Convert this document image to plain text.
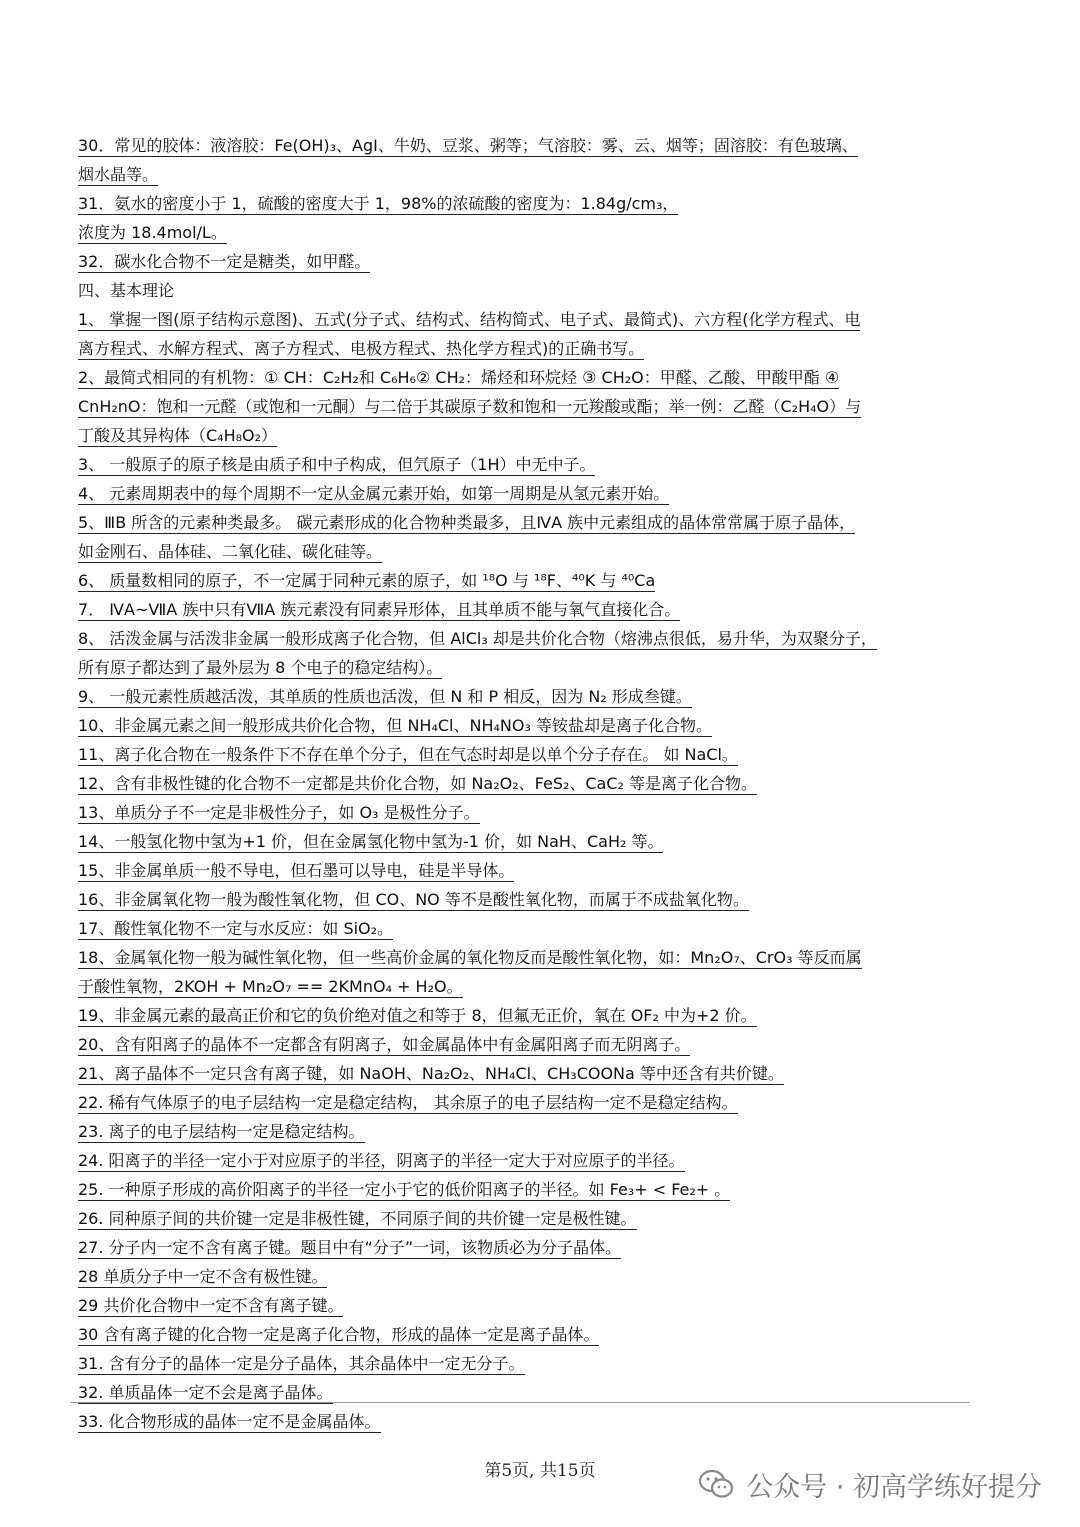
30．常见的胶体：液溶胶：Fe(OH)₃、AgI、牛奶、豆浆、粥等；气溶胶：雾、云、烟等；固溶胶：有色玻璃、
烟水晶等。
31．氨水的密度小于 1，硫酸的密度大于 1，98%的浓硫酸的密度为：1.84g/cm₃，
浓度为 18.4mol/L。
32．碳水化合物不一定是糖类，如甲醛。
四、基本理论
1、 掌握一图(原子结构示意图)、五式(分子式、结构式、结构简式、电子式、最简式)、六方程(化学方程式、电
离方程式、水解方程式、离子方程式、电极方程式、热化学方程式)的正确书写。
2、最简式相同的有机物：① CH：C₂H₂和 C₆H₆② CH₂：烯烃和环烷烃 ③ CH₂O：甲醛、乙酸、甲酸甲酯 ④
CnH₂nO：饱和一元醛（或饱和一元酮）与二倍于其碳原子数和饱和一元羧酸或酯；举一例：乙醛（C₂H₄O）与
丁酸及其异构体（C₄H₈O₂）
3、 一般原子的原子核是由质子和中子构成，但氕原子（1H）中无中子。
4、 元素周期表中的每个周期不一定从金属元素开始，如第一周期是从氢元素开始。
5、ⅢB 所含的元素种类最多。 碳元素形成的化合物种类最多，且ⅣA 族中元素组成的晶体常常属于原子晶体，
如金刚石、晶体硅、二氧化硅、碳化硅等。
6、 质量数相同的原子，不一定属于同种元素的原子，如 ¹⁸O 与 ¹⁸F、⁴⁰K 与 ⁴⁰Ca
7． ⅣA~ⅦA 族中只有ⅦA 族元素没有同素异形体，且其单质不能与氧气直接化合。
8、 活泼金属与活泼非金属一般形成离子化合物，但 AlCl₃ 却是共价化合物（熔沸点很低，易升华，为双聚分子，
所有原子都达到了最外层为 8 个电子的稳定结构）。
9、 一般元素性质越活泼，其单质的性质也活泼，但 N 和 P 相反，因为 N₂ 形成叁键。
10、非金属元素之间一般形成共价化合物，但 NH₄Cl、NH₄NO₃ 等铵盐却是离子化合物。
11、离子化合物在一般条件下不存在单个分子，但在气态时却是以单个分子存在。 如 NaCl。
12、含有非极性键的化合物不一定都是共价化合物，如 Na₂O₂、FeS₂、CaC₂ 等是离子化合物。
13、单质分子不一定是非极性分子，如 O₃ 是极性分子。
14、一般氢化物中氢为+1 价，但在金属氢化物中氢为-1 价，如 NaH、CaH₂ 等。
15、非金属单质一般不导电，但石墨可以导电，硅是半导体。
16、非金属氧化物一般为酸性氧化物，但 CO、NO 等不是酸性氧化物，而属于不成盐氧化物。
17、酸性氧化物不一定与水反应：如 SiO₂。
18、金属氧化物一般为碱性氧化物，但一些高价金属的氧化物反而是酸性氧化物，如：Mn₂O₇、CrO₃ 等反而属
于酸性氧物，2KOH + Mn₂O₇ == 2KMnO₄ + H₂O。
19、非金属元素的最高正价和它的负价绝对值之和等于 8，但氟无正价，氧在 OF₂ 中为+2 价。
20、含有阳离子的晶体不一定都含有阴离子，如金属晶体中有金属阳离子而无阴离子。
21、离子晶体不一定只含有离子键，如 NaOH、Na₂O₂、NH₄Cl、CH₃COONa 等中还含有共价键。
22. 稀有气体原子的电子层结构一定是稳定结构， 其余原子的电子层结构一定不是稳定结构。
23. 离子的电子层结构一定是稳定结构。
24. 阳离子的半径一定小于对应原子的半径，阴离子的半径一定大于对应原子的半径。
25. 一种原子形成的高价阳离子的半径一定小于它的低价阳离子的半径。如 Fe₃+ < Fe₂+ 。
26. 同种原子间的共价键一定是非极性键，不同原子间的共价键一定是极性键。
27. 分子内一定不含有离子键。题目中有“分子”一词，该物质必为分子晶体。
28 单质分子中一定不含有极性键。
29 共价化合物中一定不含有离子键。
30 含有离子键的化合物一定是离子化合物，形成的晶体一定是离子晶体。
31. 含有分子的晶体一定是分子晶体，其余晶体中一定无分子。
32. 单质晶体一定不会是离子晶体。
33. 化合物形成的晶体一定不是金属晶体。
第5页, 共15页
公众号 · 初高学练好提分
